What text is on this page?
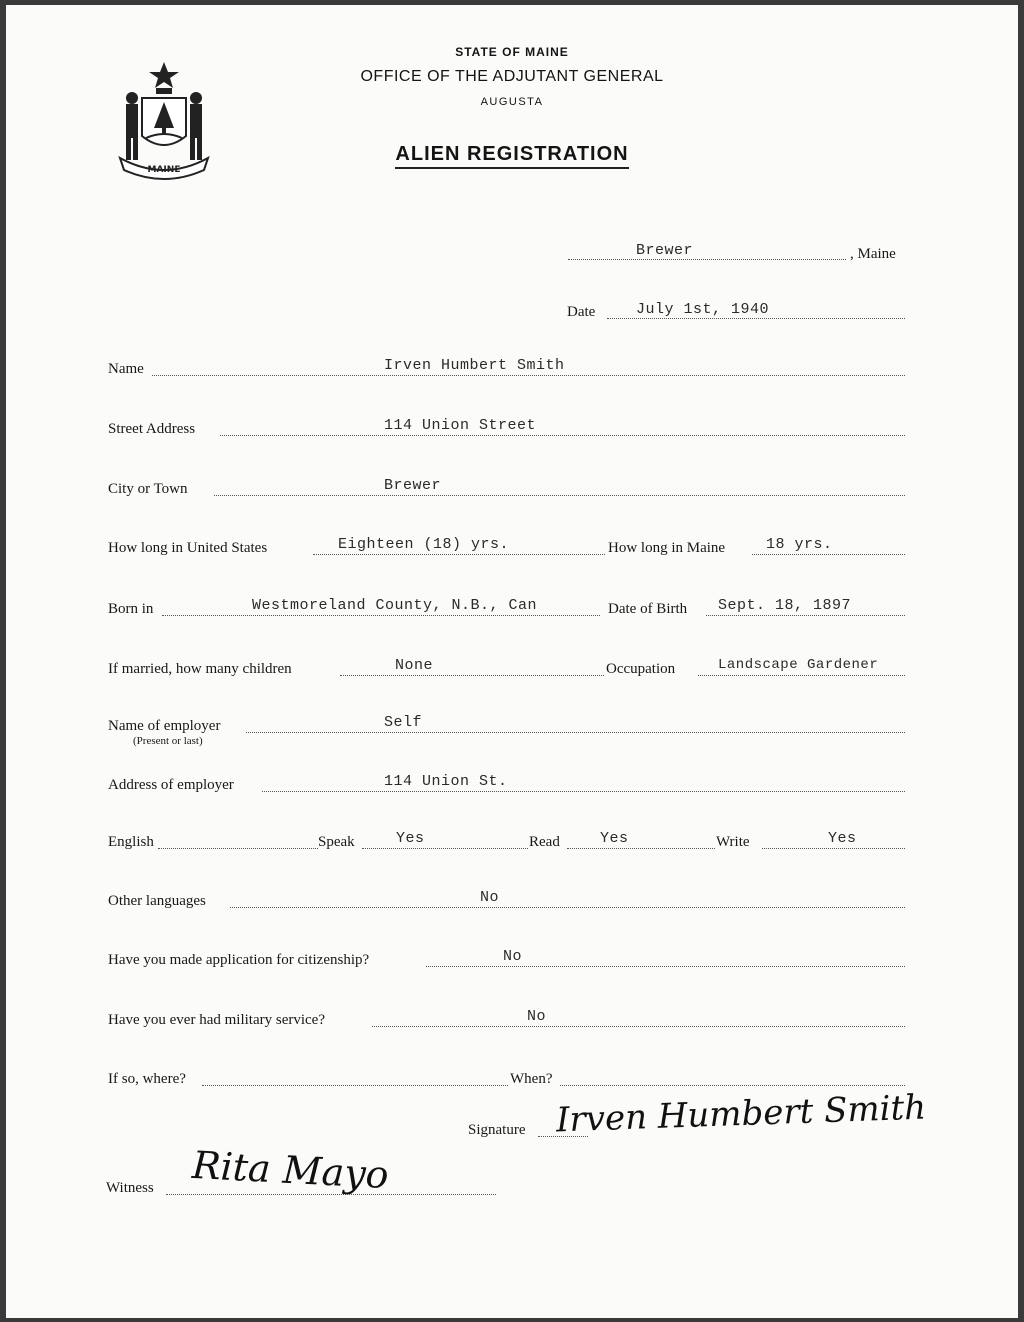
MAINE
STATE OF MAINE
OFFICE OF THE ADJUTANT GENERAL
AUGUSTA
ALIEN REGISTRATION
Brewer	, Maine
Date	July 1st, 1940
Name	Irven Humbert Smith
Street Address	114 Union Street
City or Town	Brewer
How long in United States	Eighteen (18) yrs.	How long in Maine	18 yrs.
Born in	Westmoreland County, N.B., Can	Date of Birth Sept. 18, 1897
If married, how many children	None	Occupation	Landscape Gardener
Name of employer
(Present or last)
Self
Address of employer	114 Union St.
English	Speak	Yes	Read	Yes	Write	Yes
Other languages	No
Have you made application for citizenship?	No
Have you ever had military service?	No
If so, where?	When?
Signature Irven Humbert Smith
Witness Rita Mayo
